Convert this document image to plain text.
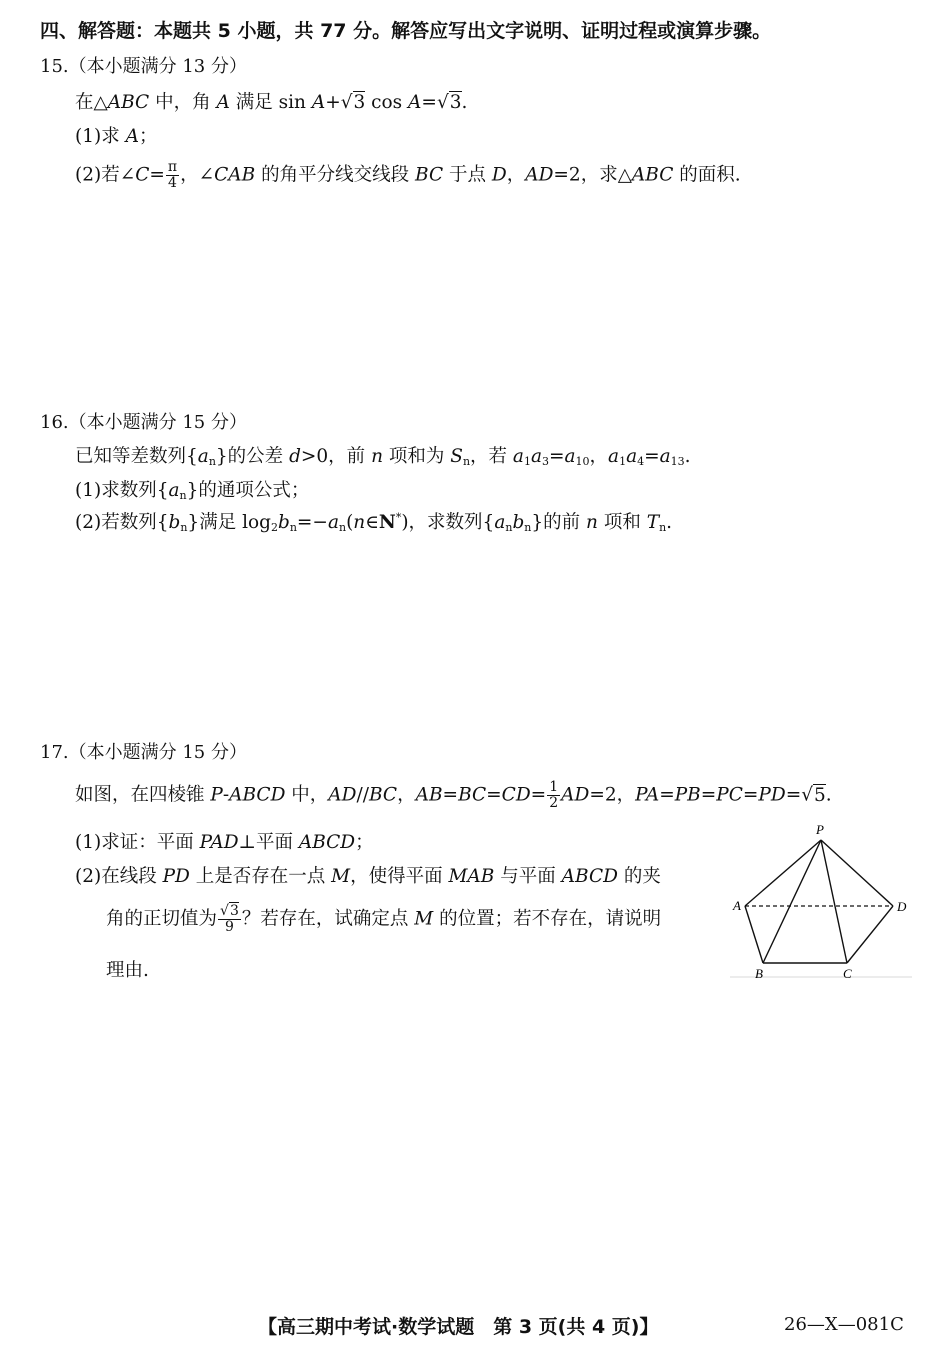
四、解答题：本题共 5 小题，共 77 分。解答应写出文字说明、证明过程或演算步骤。
15.（本小题满分 13 分）
在△ABC 中，角 A 满足 sin A+√3 cos A=√3.
(1)求 A；
(2)若∠C= $\frac{\pi}{4}$ ，∠CAB 的角平分线交线段 BC 于点 D，AD=2，求△ABC 的面积.
16.（本小题满分 15 分）
已知等差数列$\{a_n\}$的公差 d>0，前 n 项和为 $S_n$，若 $a_1a_3=a_{10}$，$a_1a_4=a_{13}$.
(1)求数列$\{a_n\}$的通项公式；
(2)若数列$\{b_n\}$满足 $\log_2b_n=-a_n(n\in N^*)$，求数列$\{a_nb_n\}$的前 n 项和 $T_n$.
17.（本小题满分 15 分）
如图，在四棱锥 P-ABCD 中，AD//BC，$AB=BC=CD= \frac{1}{2} AD=2$，PA=PB=PC=PD=√5.
(1)求证：平面 PAD⊥平面 ABCD；
(2)在线段 PD 上是否存在一点 M，使得平面 MAB 与平面 ABCD 的夹
角的正切值为 $\frac{√3}{9}$ ？若存在，试确定点 M 的位置；若不存在，请说明
理由.
P
A
B	C
D
【高三期中考试·数学试题　第 3 页(共 4 页)】	26—X—081C
